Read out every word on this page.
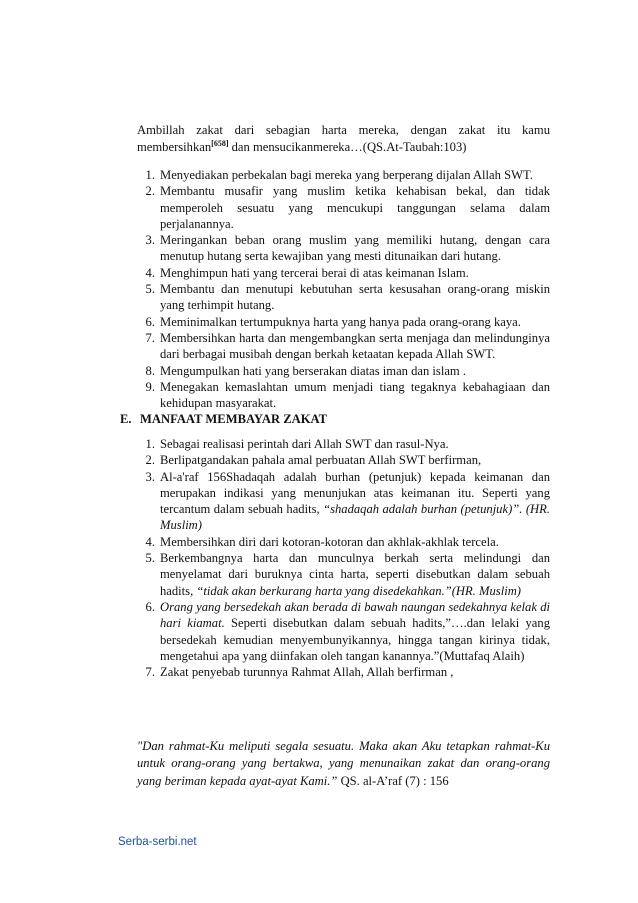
Ambillah zakat dari sebagian harta mereka, dengan zakat itu kamu membersihkan[658] dan mensucikanmereka…(QS.At-Taubah:103)

1. Menyediakan perbekalan bagi mereka yang berperang dijalan Allah SWT.
2. Membantu musafir yang muslim ketika kehabisan bekal, dan tidak memperoleh sesuatu yang mencukupi tanggungan selama dalam perjalanannya.
3. Meringankan beban orang muslim yang memiliki hutang, dengan cara menutup hutang serta kewajiban yang mesti ditunaikan dari hutang.
4. Menghimpun hati yang tercerai berai di atas keimanan Islam.
5. Membantu dan menutupi kebutuhan serta kesusahan orang-orang miskin yang terhimpit hutang.
6. Meminimalkan tertumpuknya harta yang hanya pada orang-orang kaya.
7. Membersihkan harta dan mengembangkan serta menjaga dan melindunginya dari berbagai musibah dengan berkah ketaatan kepada Allah SWT.
8. Mengumpulkan hati yang berserakan diatas iman dan islam .
9. Menegakan kemaslahtan umum menjadi tiang tegaknya kebahagiaan dan kehidupan masyarakat.
E. MANFAAT MEMBAYAR ZAKAT
1. Sebagai realisasi perintah dari Allah SWT dan rasul-Nya.
2. Berlipatgandakan pahala amal perbuatan Allah SWT berfirman,
3. Al-a'raf 156Shadaqah adalah burhan (petunjuk) kepada keimanan dan merupakan indikasi yang menunjukan atas keimanan itu. Seperti yang tercantum dalam sebuah hadits, “shadaqah adalah burhan (petunjuk)”. (HR. Muslim)
4. Membersihkan diri dari kotoran-kotoran dan akhlak-akhlak tercela.
5. Berkembangnya harta dan munculnya berkah serta melindungi dan menyelamat dari buruknya cinta harta, seperti disebutkan dalam sebuah hadits, “tidak akan berkurang harta yang disedekahkan.”(HR. Muslim)
6. Orang yang bersedekah akan berada di bawah naungan sedekahnya kelak di hari kiamat. Seperti disebutkan dalam sebuah hadits,”….dan lelaki yang bersedekah kemudian menyembunyikannya, hingga tangan kirinya tidak, mengetahui apa yang diinfakan oleh tangan kanannya.”(Muttafaq Alaih)
7. Zakat penyebab turunnya Rahmat Allah, Allah berfirman ,

"Dan rahmat-Ku meliputi segala sesuatu. Maka akan Aku tetapkan rahmat-Ku untuk orang-orang yang bertakwa, yang menunaikan zakat dan orang-orang yang beriman kepada ayat-ayat Kami.” QS. al-A’raf (7) : 156

Serba-serbi.net
